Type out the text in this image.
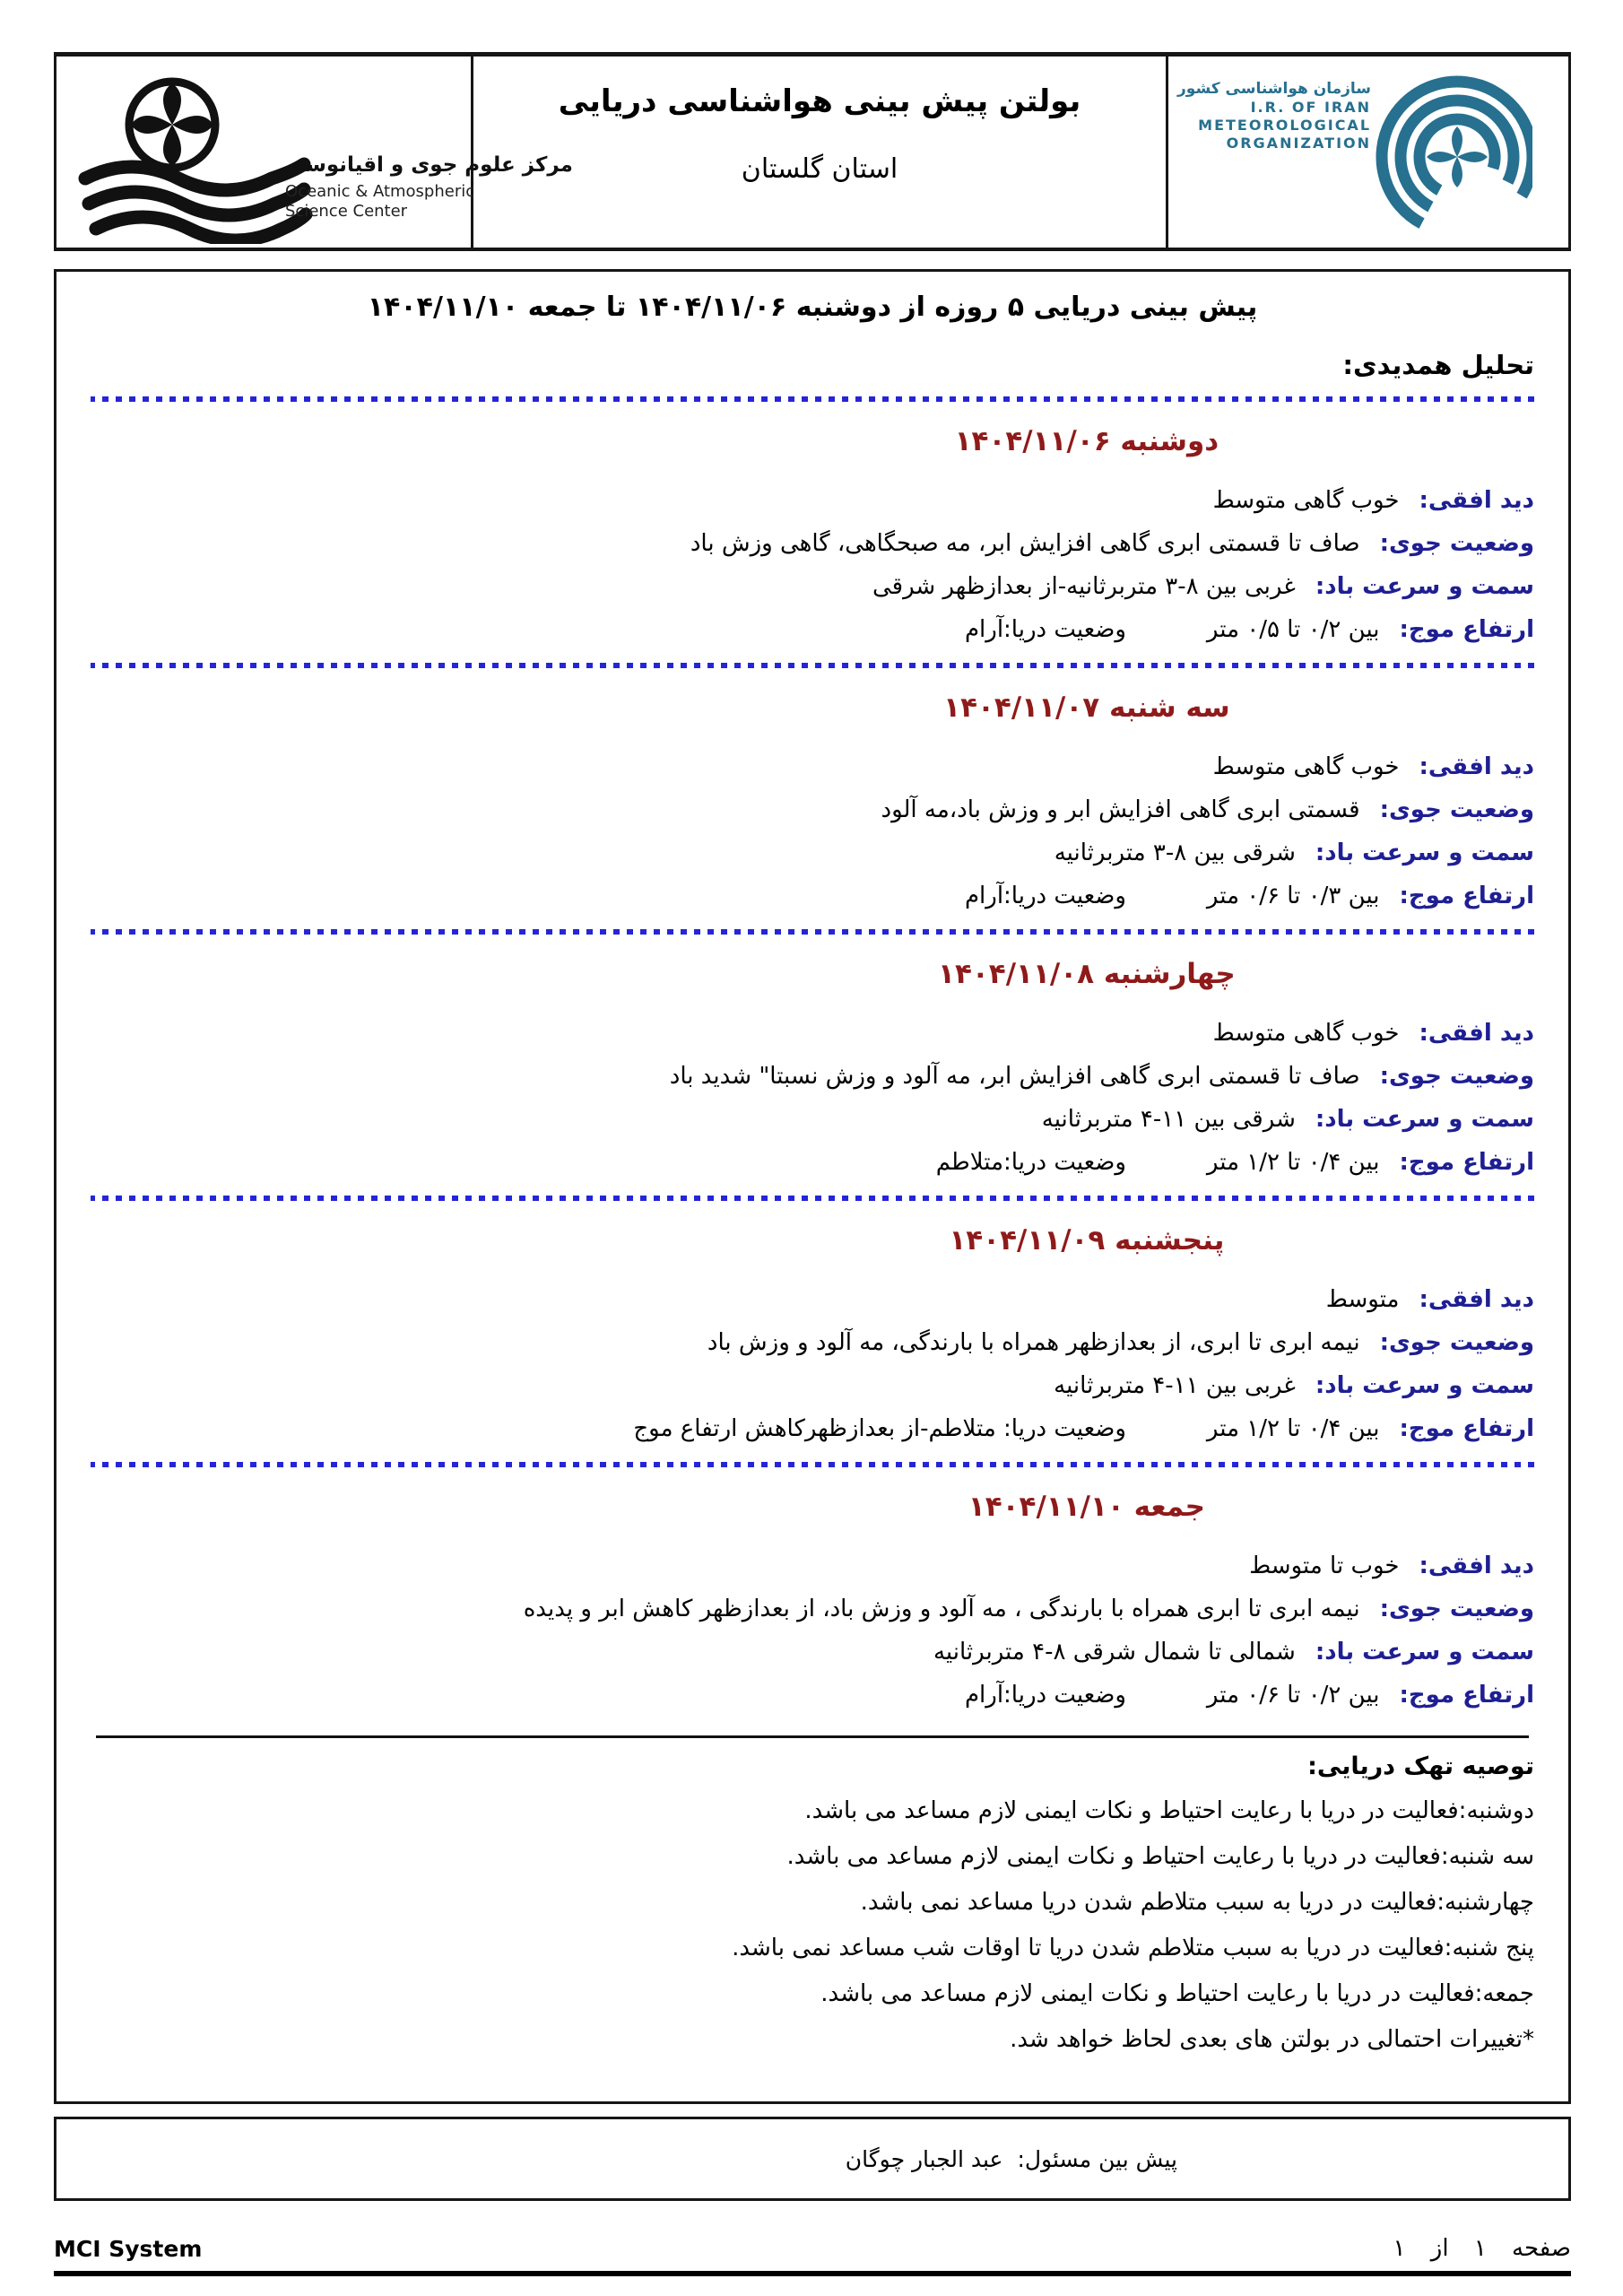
سازمان هواشناسی کشور
I.R. OF IRAN
METEOROLOGICAL
ORGANIZATION
بولتن پیش بینی هواشناسی دریایی
استان گلستان
مرکز علوم جوی و اقیانوسی
Oceanic & Atmospheric
Science Center
پیش بینی دریایی ۵ روزه از دوشنبه ۱۴۰۴/۱۱/۰۶ تا جمعه ۱۴۰۴/۱۱/۱۰
تحلیل همدیدی:
دوشنبه ۱۴۰۴/۱۱/۰۶
دید افقی:
خوب گاهی متوسط
وضعیت جوی:
صاف تا قسمتی ابری گاهی افزایش ابر، مه صبحگاهی، گاهی وزش باد
سمت و سرعت باد:
غربی بین ۸-۳ متربرثانیه-از بعدازظهر شرقی
ارتفاع موج:
بین ۰/۲ تا ۰/۵ متر
وضعیت دریا:آرام
سه شنبه ۱۴۰۴/۱۱/۰۷
دید افقی:
خوب گاهی متوسط
وضعیت جوی:
قسمتی ابری گاهی افزایش ابر و وزش باد،مه آلود
سمت و سرعت باد:
شرقی بین ۸-۳ متربرثانیه
ارتفاع موج:
بین ۰/۳ تا ۰/۶ متر
وضعیت دریا:آرام
چهارشنبه ۱۴۰۴/۱۱/۰۸
دید افقی:
خوب گاهی متوسط
وضعیت جوی:
صاف تا قسمتی ابری گاهی افزایش ابر، مه آلود و وزش نسبتا" شدید باد
سمت و سرعت باد:
شرقی بین ۱۱-۴ متربرثانیه
ارتفاع موج:
بین ۰/۴ تا ۱/۲ متر
وضعیت دریا:متلاطم
پنجشنبه ۱۴۰۴/۱۱/۰۹
دید افقی:
متوسط
وضعیت جوی:
نیمه ابری تا ابری، از بعدازظهر همراه با بارندگی، مه آلود و وزش باد
سمت و سرعت باد:
غربی بین ۱۱-۴ متربرثانیه
ارتفاع موج:
بین ۰/۴ تا ۱/۲ متر
وضعیت دریا: متلاطم-از بعدازظهرکاهش ارتفاع موج
جمعه ۱۴۰۴/۱۱/۱۰
دید افقی:
خوب تا متوسط
وضعیت جوی:
نیمه ابری تا ابری همراه با بارندگی ، مه آلود و وزش باد، از بعدازظهر کاهش ابر و پدیده
سمت و سرعت باد:
شمالی تا شمال شرقی ۸-۴ متربرثانیه
ارتفاع موج:
بین ۰/۲ تا ۰/۶ متر
وضعیت دریا:آرام
توصیه تهک دریایی:
دوشنبه:فعالیت در دریا با رعایت احتیاط و نکات ایمنی لازم مساعد می باشد.
سه شنبه:فعالیت در دریا با رعایت احتیاط و نکات ایمنی لازم مساعد می باشد.
چهارشنبه:فعالیت در دریا به سبب متلاطم شدن دریا مساعد نمی باشد.
پنج شنبه:فعالیت در دریا به سبب متلاطم شدن دریا تا اوقات شب مساعد نمی باشد.
جمعه:فعالیت در دریا با رعایت احتیاط و نکات ایمنی لازم مساعد می باشد.
*تغییرات احتمالی در بولتن های بعدی لحاظ خواهد شد.
پیش بین مسئول:
عبد الجبار چوگان
صفحه ۱ از ۱
MCI System
